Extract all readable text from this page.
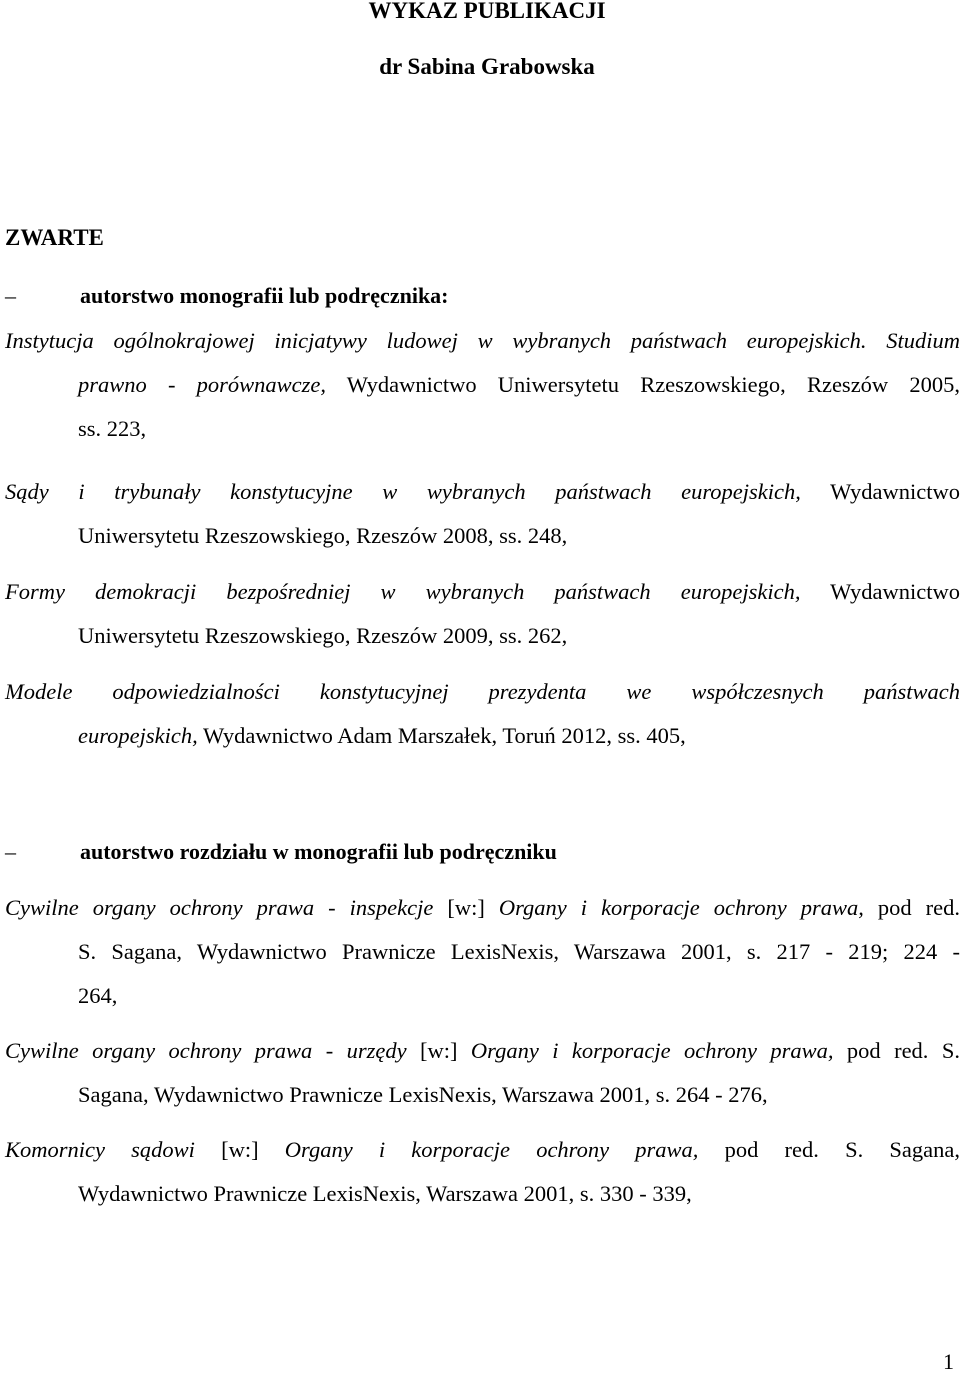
WYKAZ PUBLIKACJI
dr Sabina Grabowska
ZWARTE

–	autorstwo monografii lub podręcznika:

Instytucja ogólnokrajowej inicjatywy ludowej w wybranych państwach europejskich. Studium
prawno - porównawcze, Wydawnictwo Uniwersytetu Rzeszowskiego, Rzeszów 2005,
ss. 223,
Sądy i trybunały konstytucyjne w wybranych państwach europejskich, Wydawnictwo
Uniwersytetu Rzeszowskiego, Rzeszów 2008, ss. 248,
Formy demokracji bezpośredniej w wybranych państwach europejskich, Wydawnictwo
Uniwersytetu Rzeszowskiego, Rzeszów 2009, ss. 262,
Modele odpowiedzialności konstytucyjnej prezydenta we współczesnych państwach
europejskich, Wydawnictwo Adam Marszałek, Toruń 2012, ss. 405,

–	autorstwo rozdziału w monografii lub podręczniku

Cywilne organy ochrony prawa - inspekcje [w:] Organy i korporacje ochrony prawa, pod red.
S. Sagana, Wydawnictwo Prawnicze LexisNexis, Warszawa 2001, s. 217 - 219; 224 -
264,
Cywilne organy ochrony prawa - urzędy [w:] Organy i korporacje ochrony prawa, pod red. S.
Sagana, Wydawnictwo Prawnicze LexisNexis, Warszawa 2001, s. 264 - 276,
Komornicy sądowi [w:] Organy i korporacje ochrony prawa, pod red. S. Sagana,
Wydawnictwo Prawnicze LexisNexis, Warszawa 2001, s. 330 - 339,

1
